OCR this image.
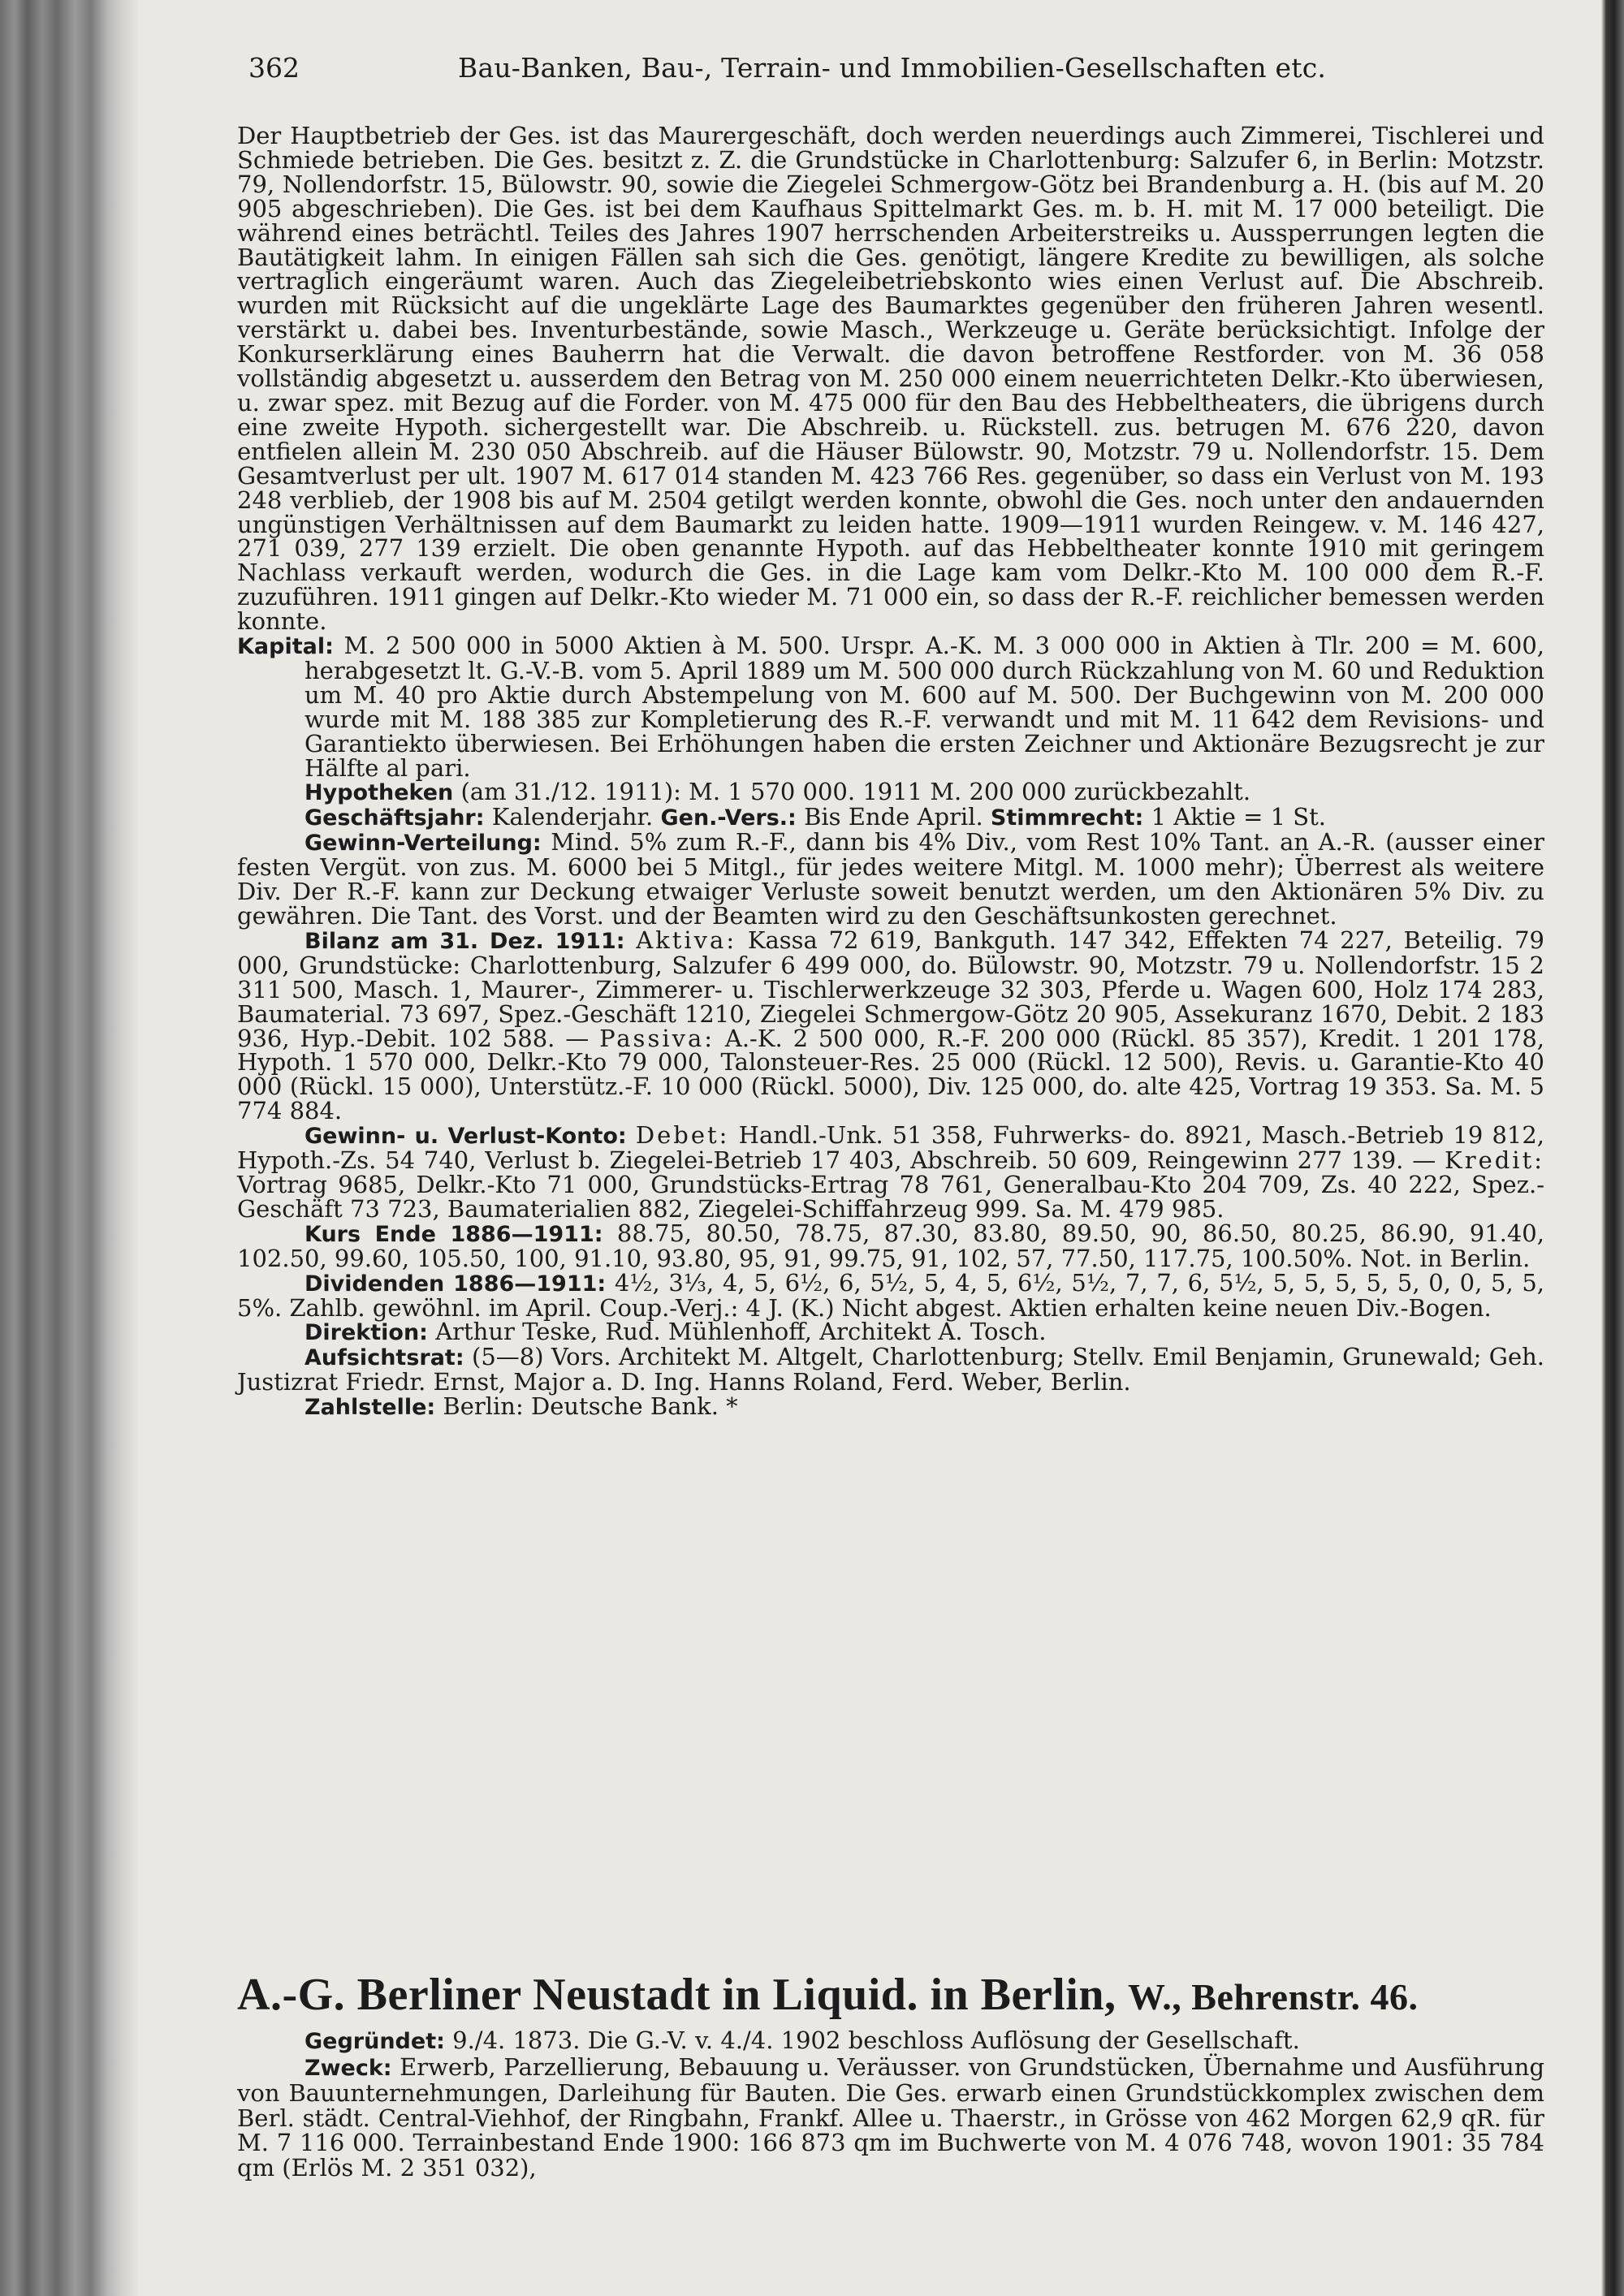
362	Bau-Banken, Bau-, Terrain- und Immobilien-Gesellschaften etc.

Der Hauptbetrieb der Ges. ist das Maurergeschäft, doch werden neuerdings auch Zimmerei, Tischlerei und Schmiede betrieben. Die Ges. besitzt z. Z. die Grundstücke in Charlottenburg: Salzufer 6, in Berlin: Motzstr. 79, Nollendorfstr. 15, Bülowstr. 90, sowie die Ziegelei Schmergow-Götz bei Brandenburg a. H. (bis auf M. 20 905 abgeschrieben). Die Ges. ist bei dem Kaufhaus Spittelmarkt Ges. m. b. H. mit M. 17 000 beteiligt. Die während eines beträchtl. Teiles des Jahres 1907 herrschenden Arbeiterstreiks u. Aussperrungen legten die Bautätigkeit lahm. In einigen Fällen sah sich die Ges. genötigt, längere Kredite zu bewilligen, als solche vertraglich eingeräumt waren. Auch das Ziegeleibetriebskonto wies einen Verlust auf. Die Abschreib. wurden mit Rücksicht auf die ungeklärte Lage des Baumarktes gegenüber den früheren Jahren wesentl. verstärkt u. dabei bes. Inventurbestände, sowie Masch., Werkzeuge u. Geräte berücksichtigt. Infolge der Konkurserklärung eines Bauherrn hat die Verwalt. die davon betroffene Restforder. von M. 36 058 vollständig abgesetzt u. ausserdem den Betrag von M. 250 000 einem neuerrichteten Delkr.-Kto überwiesen, u. zwar spez. mit Bezug auf die Forder. von M. 475 000 für den Bau des Hebbeltheaters, die übrigens durch eine zweite Hypoth. sichergestellt war. Die Abschreib. u. Rückstell. zus. betrugen M. 676 220, davon entfielen allein M. 230 050 Abschreib. auf die Häuser Bülowstr. 90, Motzstr. 79 u. Nollendorfstr. 15. Dem Gesamtverlust per ult. 1907 M. 617 014 standen M. 423 766 Res. gegenüber, so dass ein Verlust von M. 193 248 verblieb, der 1908 bis auf M. 2504 getilgt werden konnte, obwohl die Ges. noch unter den andauernden ungünstigen Verhältnissen auf dem Baumarkt zu leiden hatte. 1909—1911 wurden Reingew. v. M. 146 427, 271 039, 277 139 erzielt. Die oben genannte Hypoth. auf das Hebbeltheater konnte 1910 mit geringem Nachlass verkauft werden, wodurch die Ges. in die Lage kam vom Delkr.-Kto M. 100 000 dem R.-F. zuzuführen. 1911 gingen auf Delkr.-Kto wieder M. 71 000 ein, so dass der R.-F. reichlicher bemessen werden konnte.

Kapital: M. 2 500 000 in 5000 Aktien à M. 500. Urspr. A.-K. M. 3 000 000 in Aktien à Tlr. 200 = M. 600, herabgesetzt lt. G.-V.-B. vom 5. April 1889 um M. 500 000 durch Rückzahlung von M. 60 und Reduktion um M. 40 pro Aktie durch Abstempelung von M. 600 auf M. 500. Der Buchgewinn von M. 200 000 wurde mit M. 188 385 zur Kompletierung des R.-F. verwandt und mit M. 11 642 dem Revisions- und Garantiekto überwiesen. Bei Erhöhungen haben die ersten Zeichner und Aktionäre Bezugsrecht je zur Hälfte al pari.

Hypotheken (am 31./12. 1911): M. 1 570 000. 1911 M. 200 000 zurückbezahlt.

Geschäftsjahr: Kalenderjahr. Gen.-Vers.: Bis Ende April. Stimmrecht: 1 Aktie = 1 St.

Gewinn-Verteilung: Mind. 5% zum R.-F., dann bis 4% Div., vom Rest 10% Tant. an A.-R. (ausser einer festen Vergüt. von zus. M. 6000 bei 5 Mitgl., für jedes weitere Mitgl. M. 1000 mehr); Überrest als weitere Div. Der R.-F. kann zur Deckung etwaiger Verluste soweit benutzt werden, um den Aktionären 5% Div. zu gewähren. Die Tant. des Vorst. und der Beamten wird zu den Geschäftsunkosten gerechnet.

Bilanz am 31. Dez. 1911: Aktiva: Kassa 72 619, Bankguth. 147 342, Effekten 74 227, Beteilig. 79 000, Grundstücke: Charlottenburg, Salzufer 6 499 000, do. Bülowstr. 90, Motzstr. 79 u. Nollendorfstr. 15 2 311 500, Masch. 1, Maurer-, Zimmerer- u. Tischlerwerkzeuge 32 303, Pferde u. Wagen 600, Holz 174 283, Baumaterial. 73 697, Spez.-Geschäft 1210, Ziegelei Schmergow-Götz 20 905, Assekuranz 1670, Debit. 2 183 936, Hyp.-Debit. 102 588. — Passiva: A.-K. 2 500 000, R.-F. 200 000 (Rückl. 85 357), Kredit. 1 201 178, Hypoth. 1 570 000, Delkr.-Kto 79 000, Talonsteuer-Res. 25 000 (Rückl. 12 500), Revis. u. Garantie-Kto 40 000 (Rückl. 15 000), Unterstütz.-F. 10 000 (Rückl. 5000), Div. 125 000, do. alte 425, Vortrag 19 353. Sa. M. 5 774 884.

Gewinn- u. Verlust-Konto: Debet: Handl.-Unk. 51 358, Fuhrwerks- do. 8921, Masch.-Betrieb 19 812, Hypoth.-Zs. 54 740, Verlust b. Ziegelei-Betrieb 17 403, Abschreib. 50 609, Reingewinn 277 139. — Kredit: Vortrag 9685, Delkr.-Kto 71 000, Grundstücks-Ertrag 78 761, Generalbau-Kto 204 709, Zs. 40 222, Spez.-Geschäft 73 723, Baumaterialien 882, Ziegelei-Schiffahrzeug 999. Sa. M. 479 985.

Kurs Ende 1886—1911: 88.75, 80.50, 78.75, 87.30, 83.80, 89.50, 90, 86.50, 80.25, 86.90, 91.40, 102.50, 99.60, 105.50, 100, 91.10, 93.80, 95, 91, 99.75, 91, 102, 57, 77.50, 117.75, 100.50%. Not. in Berlin.

Dividenden 1886—1911: 4½, 3⅓, 4, 5, 6½, 6, 5½, 5, 4, 5, 6½, 5½, 7, 7, 6, 5½, 5, 5, 5, 5, 5, 0, 0, 5, 5, 5%. Zahlb. gewöhnl. im April. Coup.-Verj.: 4 J. (K.) Nicht abgest. Aktien erhalten keine neuen Div.-Bogen.

Direktion: Arthur Teske, Rud. Mühlenhoff, Architekt A. Tosch.

Aufsichtsrat: (5—8) Vors. Architekt M. Altgelt, Charlottenburg; Stellv. Emil Benjamin, Grunewald; Geh. Justizrat Friedr. Ernst, Major a. D. Ing. Hanns Roland, Ferd. Weber, Berlin.

Zahlstelle: Berlin: Deutsche Bank. *

A.-G. Berliner Neustadt in Liquid. in Berlin, W., Behrenstr. 46.

Gegründet: 9./4. 1873. Die G.-V. v. 4./4. 1902 beschloss Auflösung der Gesellschaft.

Zweck: Erwerb, Parzellierung, Bebauung u. Veräusser. von Grundstücken, Übernahme und Ausführung von Bauunternehmungen, Darleihung für Bauten. Die Ges. erwarb einen Grundstückkomplex zwischen dem Berl. städt. Central-Viehhof, der Ringbahn, Frankf. Allee u. Thaerstr., in Grösse von 462 Morgen 62,9 qR. für M. 7 116 000. Terrainbestand Ende 1900: 166 873 qm im Buchwerte von M. 4 076 748, wovon 1901: 35 784 qm (Erlös M. 2 351 032),
